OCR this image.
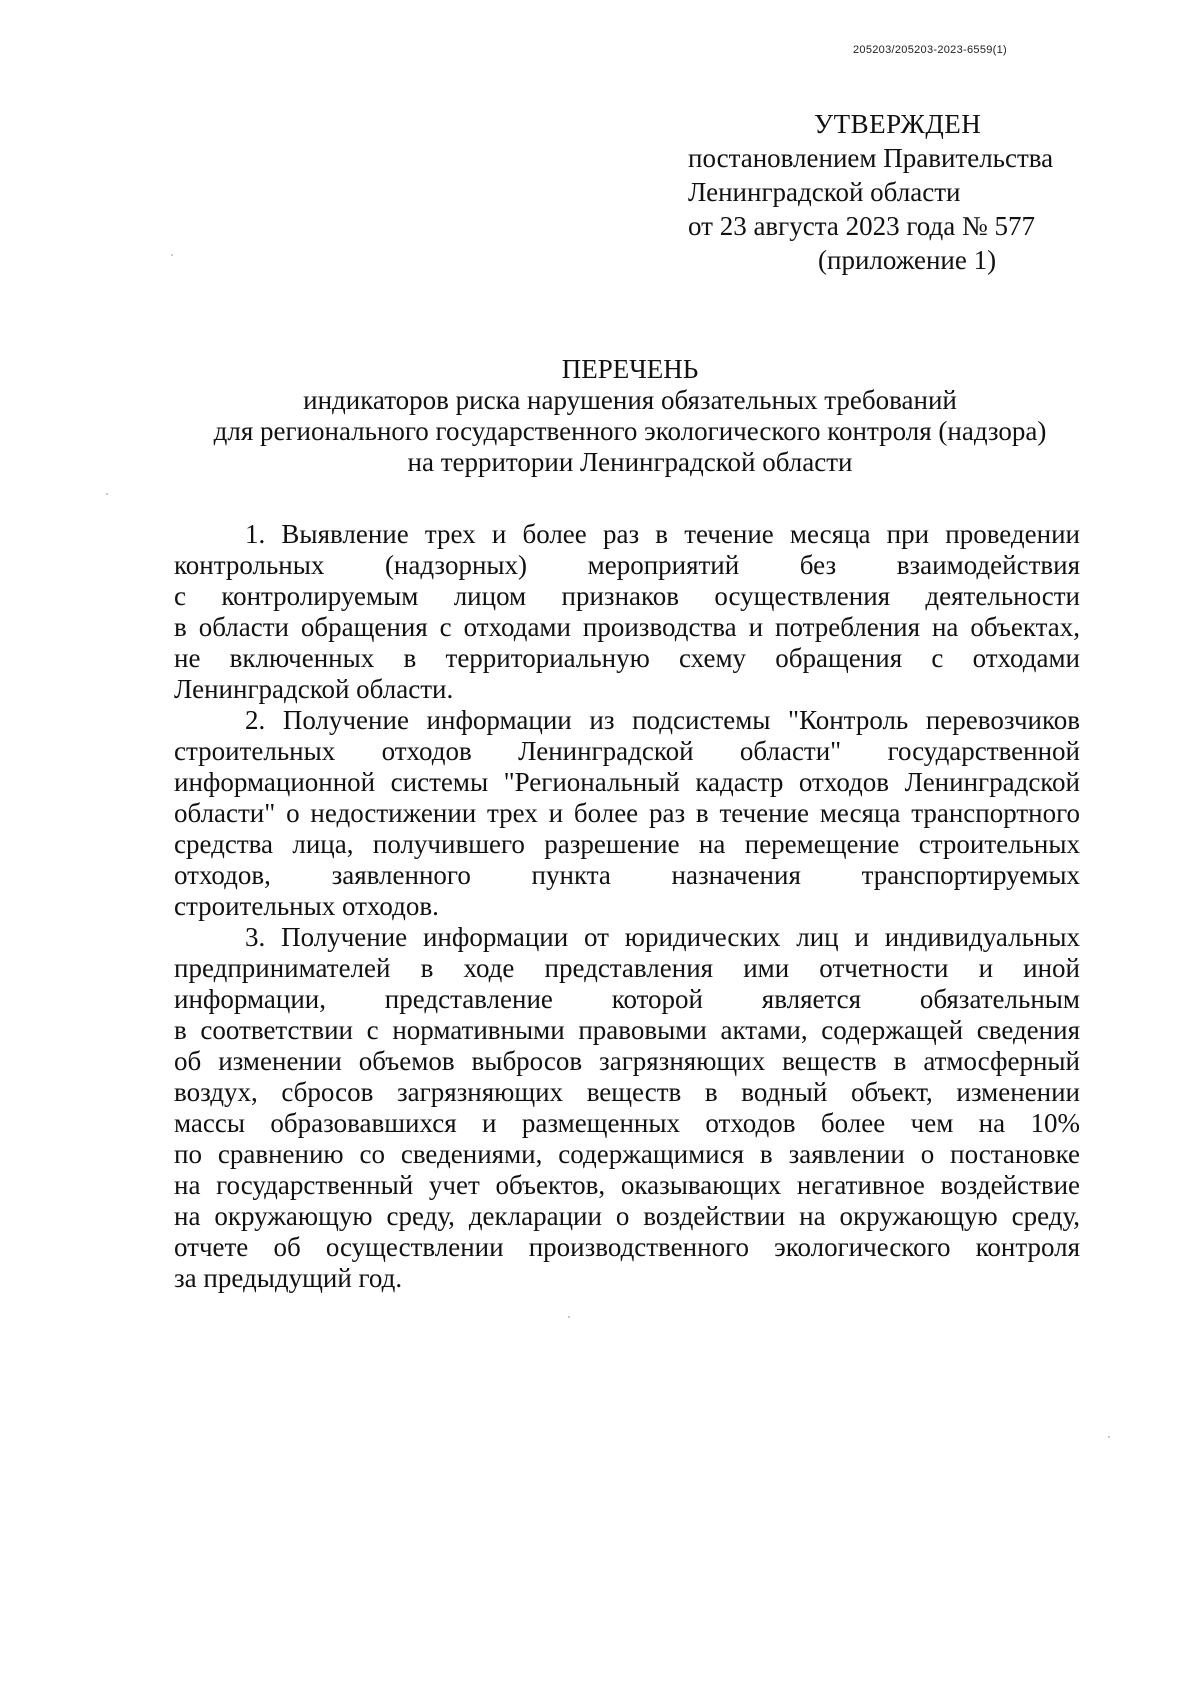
205203/205203-2023-6559(1)
УТВЕРЖДЕН
постановлением Правительства
Ленинградской области
от 23 августа 2023 года № 577
(приложение 1)
ПЕРЕЧЕНЬ
индикаторов риска нарушения обязательных требований
для регионального государственного экологического контроля (надзора)
на территории Ленинградской области

1. Выявление трех и более раз в течение месяца при проведении
контрольных (надзорных) мероприятий без взаимодействия
с контролируемым лицом признаков осуществления деятельности
в области обращения с отходами производства и потребления на объектах,
не включенных в территориальную схему обращения с отходами
Ленинградской области.

2. Получение информации из подсистемы "Контроль перевозчиков
строительных отходов Ленинградской области" государственной
информационной системы "Региональный кадастр отходов Ленинградской
области" о недостижении трех и более раз в течение месяца транспортного
средства лица, получившего разрешение на перемещение строительных
отходов, заявленного пункта назначения транспортируемых
строительных отходов.

3. Получение информации от юридических лиц и индивидуальных
предпринимателей в ходе представления ими отчетности и иной
информации, представление которой является обязательным
в соответствии с нормативными правовыми актами, содержащей сведения
об изменении объемов выбросов загрязняющих веществ в атмосферный
воздух, сбросов загрязняющих веществ в водный объект, изменении
массы образовавшихся и размещенных отходов более чем на 10%
по сравнению со сведениями, содержащимися в заявлении о постановке
на государственный учет объектов, оказывающих негативное воздействие
на окружающую среду, декларации о воздействии на окружающую среду,
отчете об осуществлении производственного экологического контроля
за предыдущий год.
